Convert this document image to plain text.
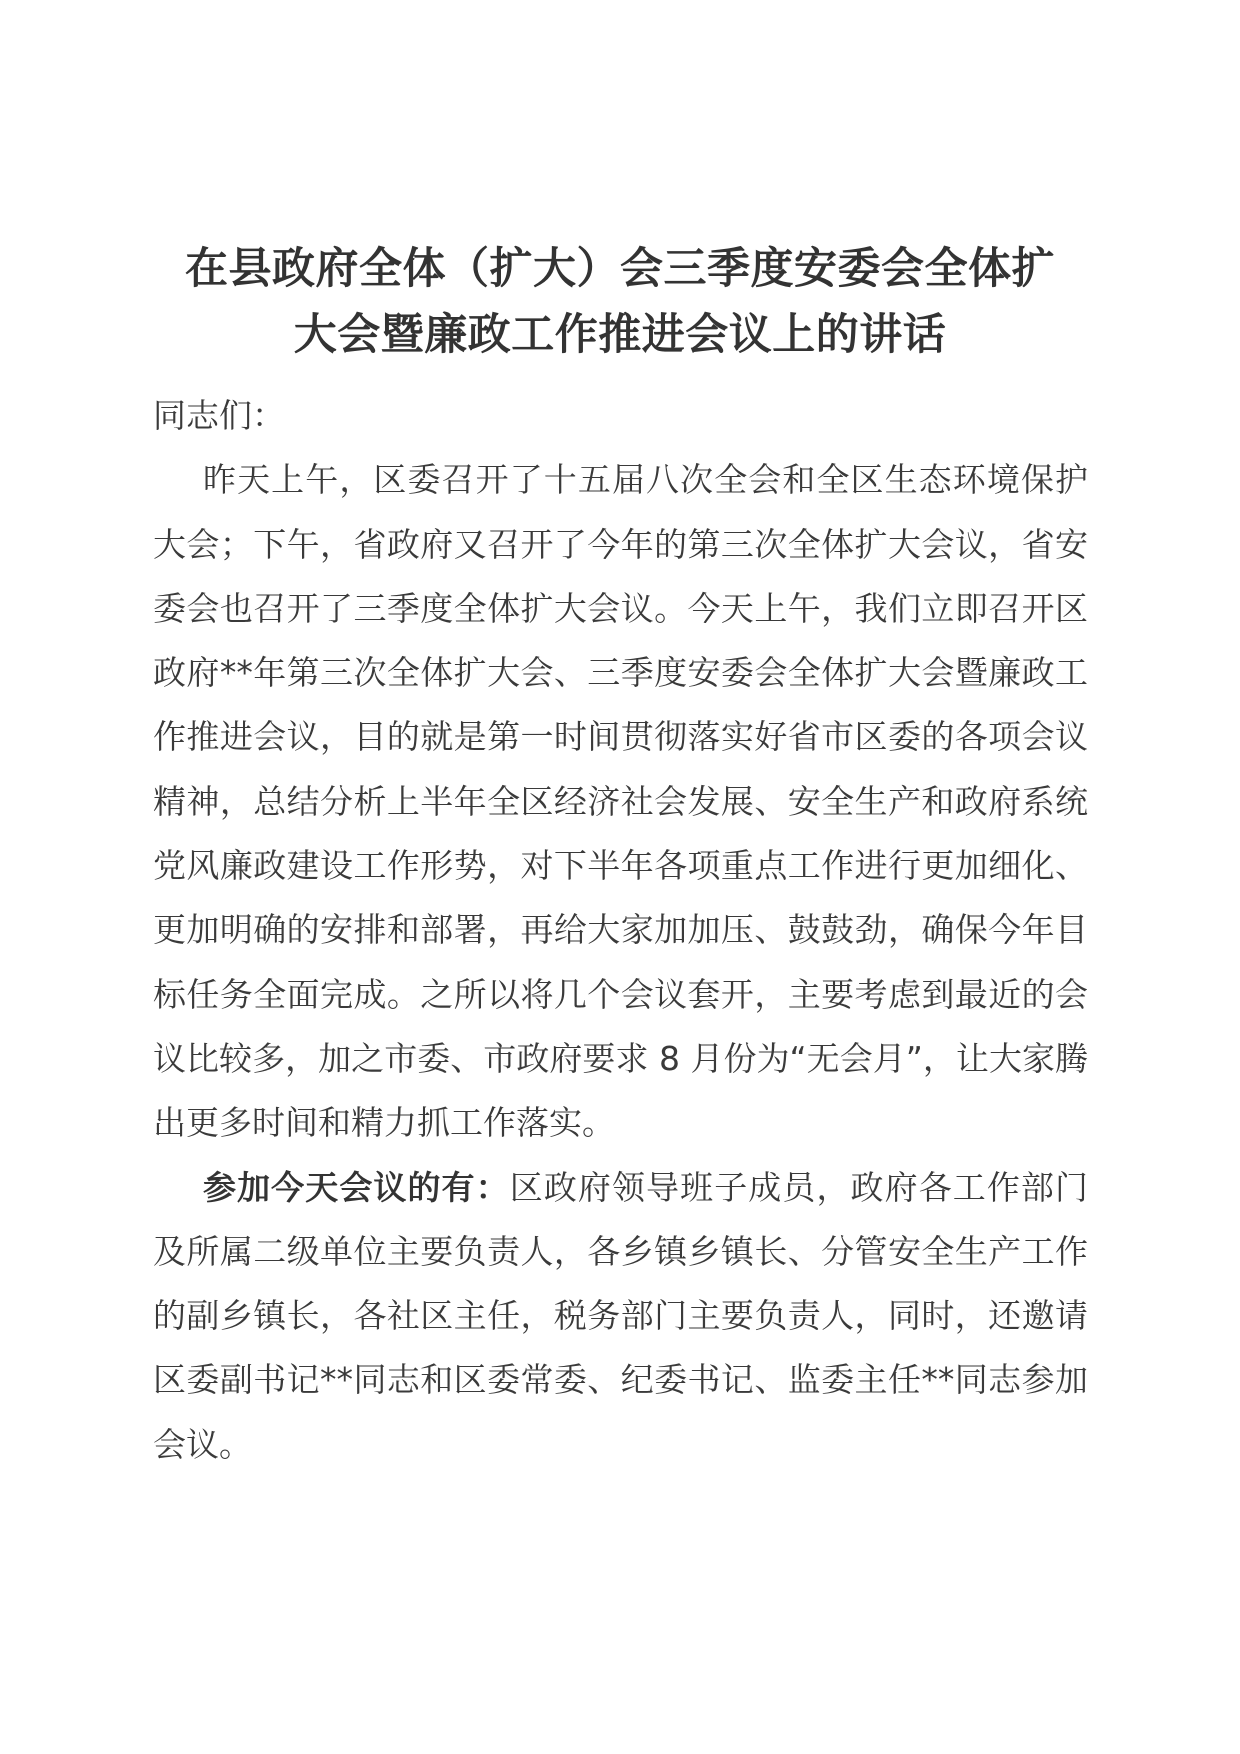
在县政府全体（扩大）会三季度安委会全体扩
大会暨廉政工作推进会议上的讲话

同志们：

昨天上午，区委召开了十五届八次全会和全区生态环境保护大会；下午，省政府又召开了今年的第三次全体扩大会议，省安委会也召开了三季度全体扩大会议。今天上午，我们立即召开区政府**年第三次全体扩大会、三季度安委会全体扩大会暨廉政工作推进会议，目的就是第一时间贯彻落实好省市区委的各项会议精神，总结分析上半年全区经济社会发展、安全生产和政府系统党风廉政建设工作形势，对下半年各项重点工作进行更加细化、更加明确的安排和部署，再给大家加加压、鼓鼓劲，确保今年目标任务全面完成。之所以将几个会议套开，主要考虑到最近的会议比较多，加之市委、市政府要求 8 月份为“无会月”，让大家腾出更多时间和精力抓工作落实。

参加今天会议的有：区政府领导班子成员，政府各工作部门及所属二级单位主要负责人，各乡镇乡镇长、分管安全生产工作的副乡镇长，各社区主任，税务部门主要负责人，同时，还邀请区委副书记**同志和区委常委、纪委书记、监委主任**同志参加会议。
